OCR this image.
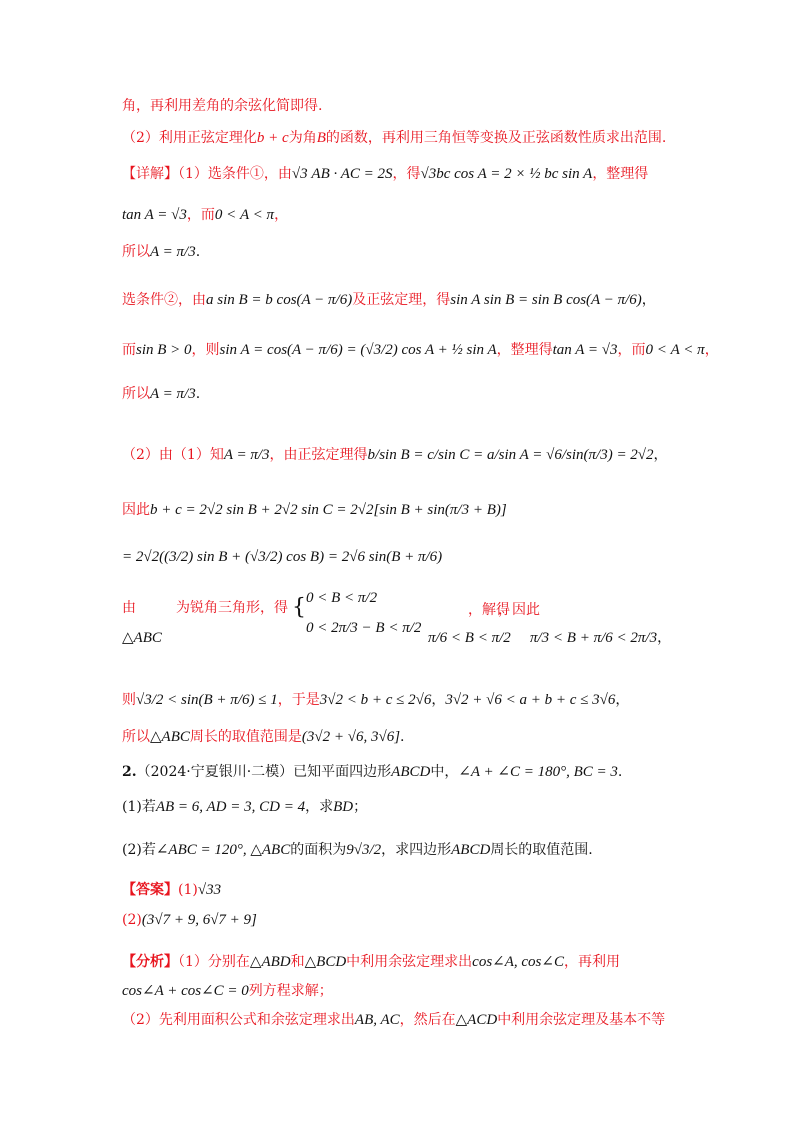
角，再利用差角的余弦化简即得.
（2）利用正弦定理化b + c为角B的函数，再利用三角恒等变换及正弦函数性质求出范围.
【详解】（1）选条件①，由√3 AB · AC = 2S，得√3bc cos A = 2 × ½ bc sin A，整理得
tan A = √3，而0 < A < π，
所以A = π/3.
选条件②，由a sin B = b cos(A − π/6)及正弦定理，得sin A sin B = sin B cos(A − π/6)，
而sin B > 0，则sin A = cos(A − π/6) = (√3/2) cos A + ½ sin A，整理得tan A = √3，而0 < A < π，
所以A = π/3.
（2）由（1）知A = π/3，由正弦定理得b/sin B = c/sin C = a/sin A = √6/sin(π/3) = 2√2，
因此b + c = 2√2 sin B + 2√2 sin C = 2√2[sin B + sin(π/3 + B)]
= 2√2((3/2) sin B + (√3/2) cos B) = 2√6 sin(B + π/6)
由	为锐角三角形，得
△ABC
{ 0 < B < π/2
0 < 2π/3 − B < π/2
，解得
π/6 < B < π/2
，因此
π/3 < B + π/6 < 2π/3，
则√3/2 < sin(B + π/6) ≤ 1，于是3√2 < b + c ≤ 2√6，3√2 + √6 < a + b + c ≤ 3√6，
所以△ABC周长的取值范围是(3√2 + √6, 3√6].
2.（2024·宁夏银川·二模）已知平面四边形ABCD中，∠A + ∠C = 180°, BC = 3.
(1)若AB = 6, AD = 3, CD = 4，求BD；
(2)若∠ABC = 120°, △ABC的面积为9√3/2，求四边形ABCD周长的取值范围.
【答案】(1)√33
(2)(3√7 + 9, 6√7 + 9]
【分析】（1）分别在△ABD和△BCD中利用余弦定理求出cos∠A, cos∠C，再利用
cos∠A + cos∠C = 0列方程求解；
（2）先利用面积公式和余弦定理求出AB, AC，然后在△ACD中利用余弦定理及基本不等
